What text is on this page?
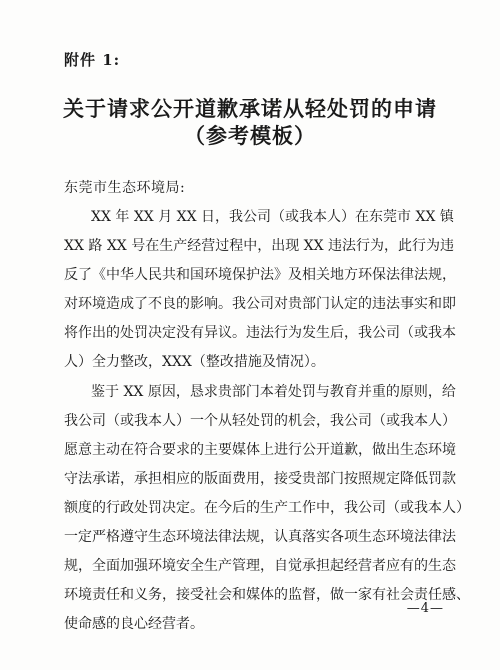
附件 1:
关于请求公开道歉承诺从轻处罚的申请
（参考模板）
东莞市生态环境局:
XX 年 XX 月 XX 日，我公司（或我本人）在东莞市 XX 镇
XX 路 XX 号在生产经营过程中，出现 XX 违法行为，此行为违
反了《中华人民共和国环境保护法》及相关地方环保法律法规，
对环境造成了不良的影响。我公司对贵部门认定的违法事实和即
将作出的处罚决定没有异议。违法行为发生后，我公司（或我本
人）全力整改，XXX（整改措施及情况）。
鉴于 XX 原因，恳求贵部门本着处罚与教育并重的原则，给
我公司（或我本人）一个从轻处罚的机会，我公司（或我本人）
愿意主动在符合要求的主要媒体上进行公开道歉，做出生态环境
守法承诺，承担相应的版面费用，接受贵部门按照规定降低罚款
额度的行政处罚决定。在今后的生产工作中，我公司（或我本人）
一定严格遵守生态环境法律法规，认真落实各项生态环境法律法
规，全面加强环境安全生产管理，自觉承担起经营者应有的生态
环境责任和义务，接受社会和媒体的监督，做一家有社会责任感、
使命感的良心经营者。
—4—
